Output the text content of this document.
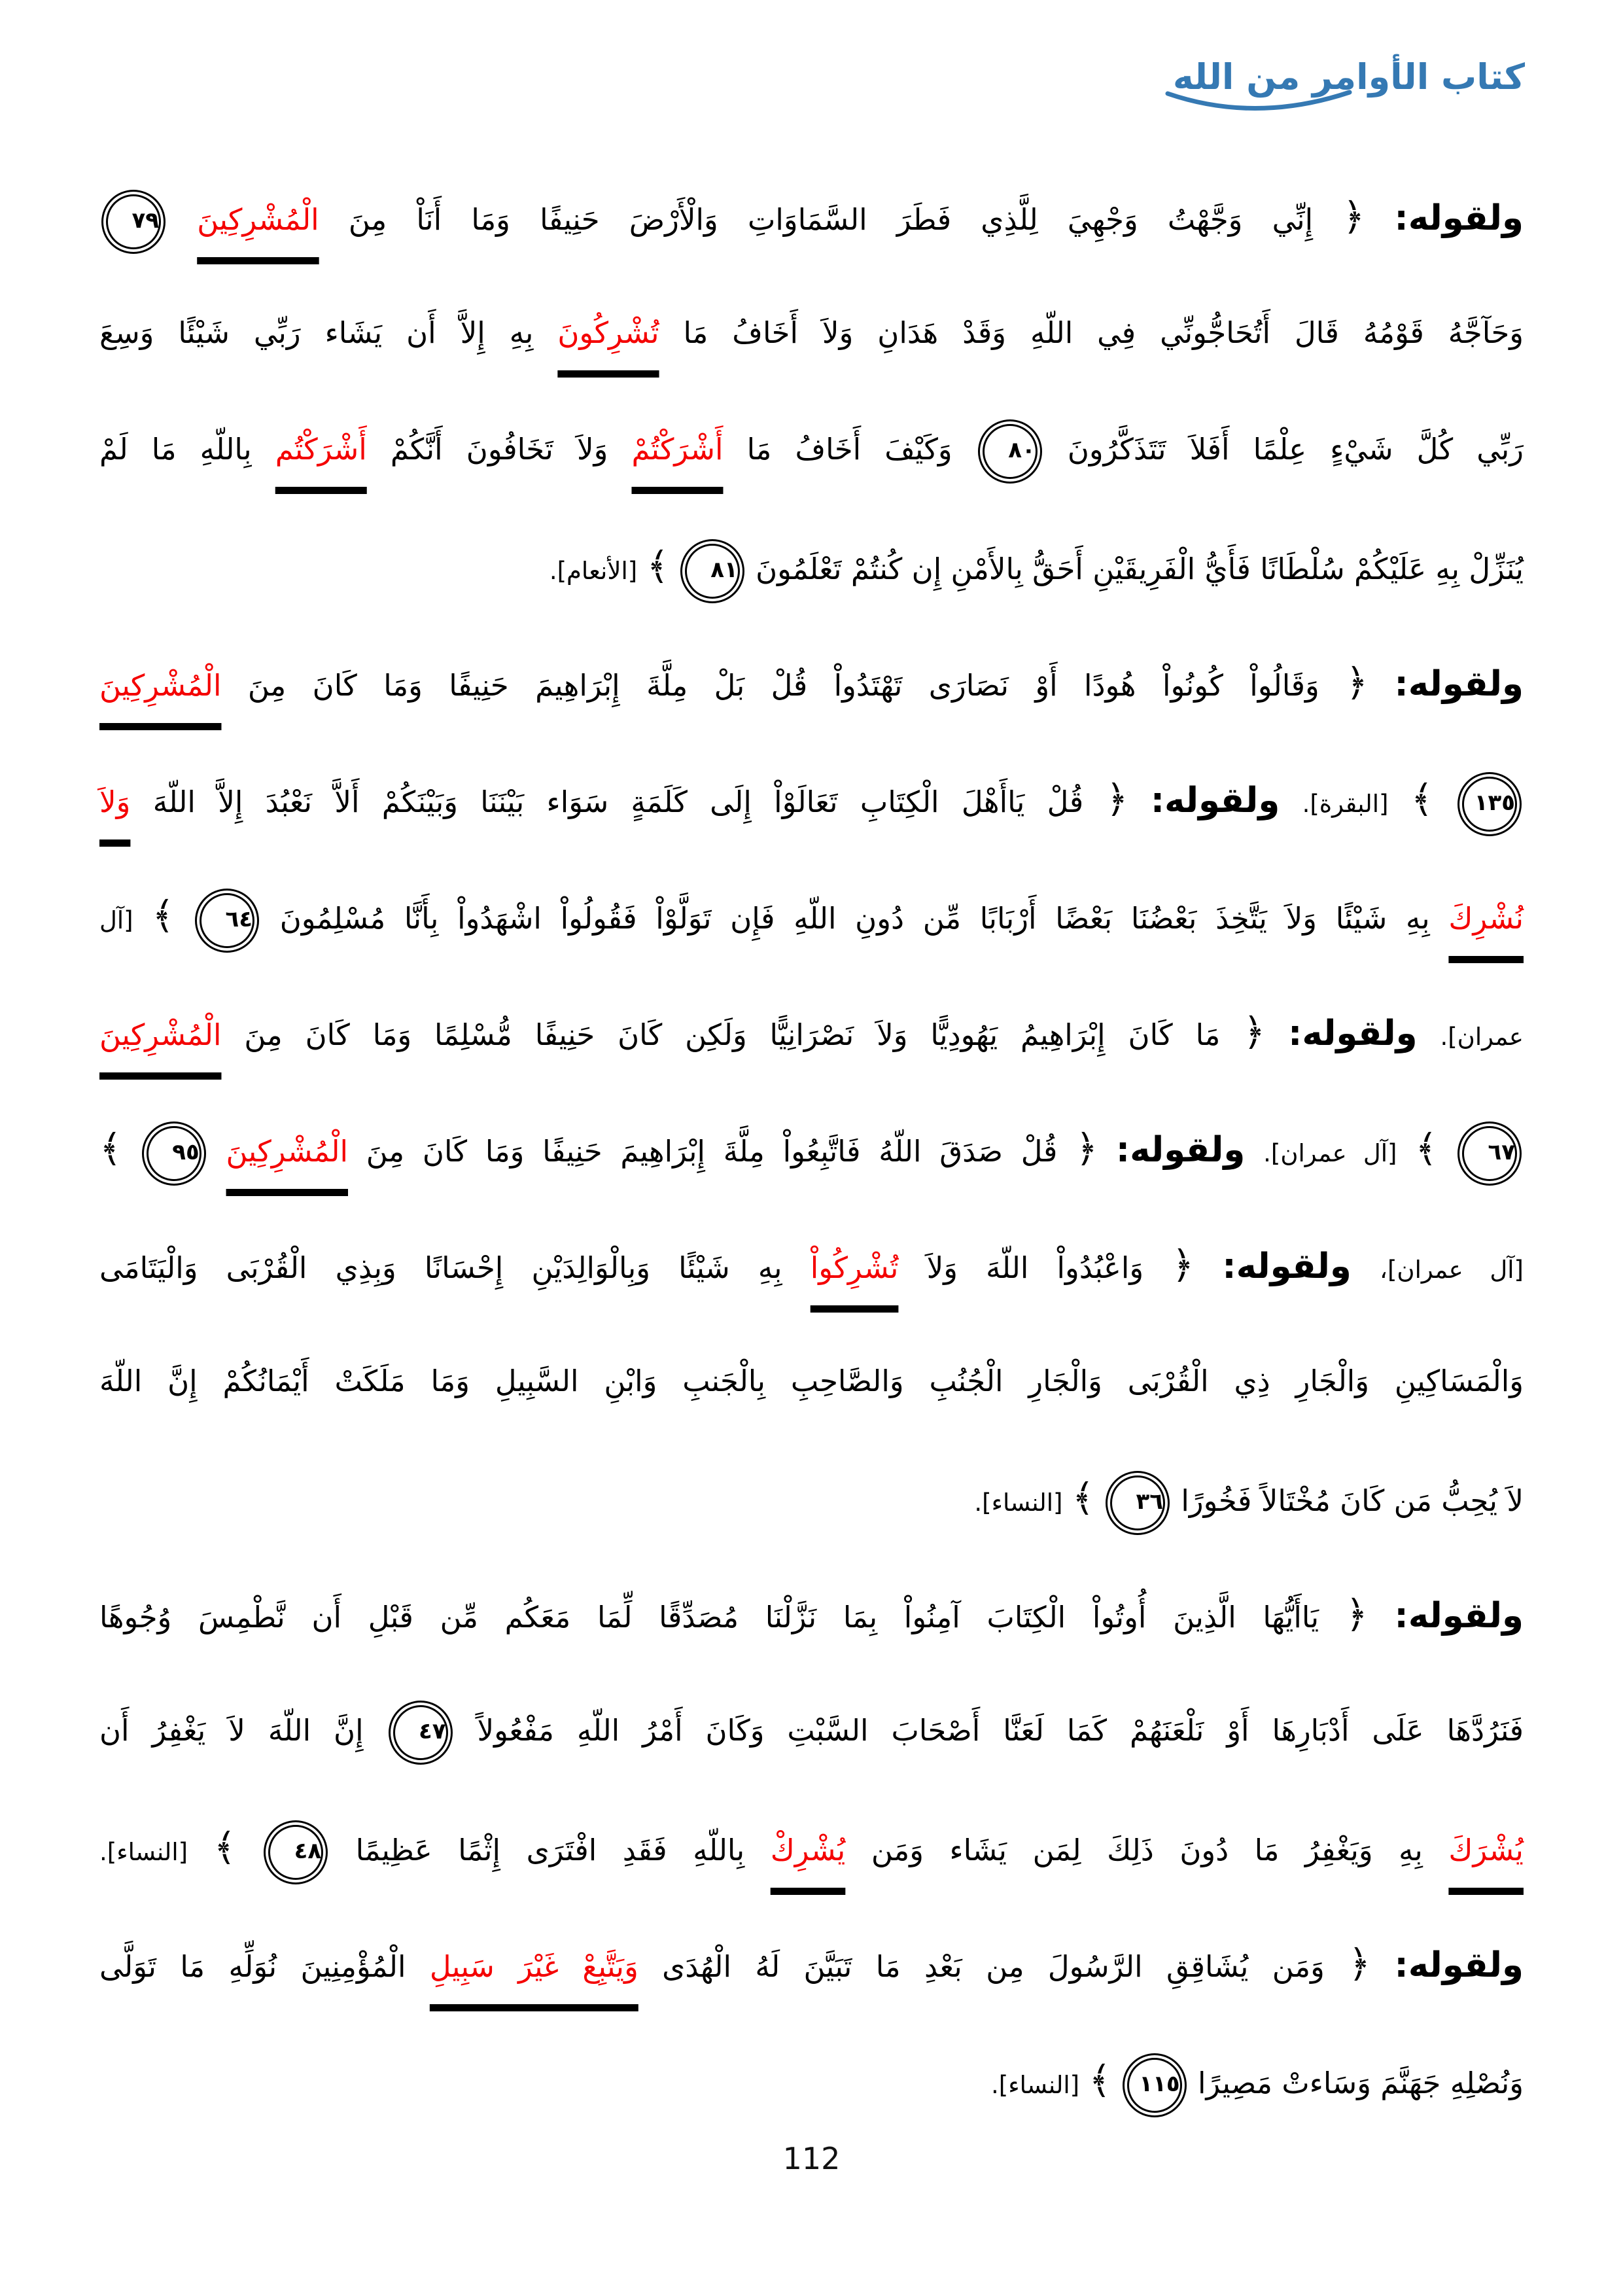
كتاب الأوامر من الله
ولقوله: ﴿ إِنِّي وَجَّهْتُ وَجْهِيَ لِلَّذِي فَطَرَ السَّمَاوَاتِ وَالْأَرْضَ حَنِيفًا وَمَا أَنَاْ مِنَ الْمُشْرِكِينَ ٧٩
وَحَآجَّهُ قَوْمُهُ قَالَ أَتُحَاجُّونِّي فِي اللّهِ وَقَدْ هَدَانِ وَلاَ أَخَافُ مَا تُشْرِكُونَ بِهِ إِلاَّ أَن يَشَاء رَبِّي شَيْئًا وَسِعَ
رَبِّي كُلَّ شَيْءٍ عِلْمًا أَفَلاَ تَتَذَكَّرُونَ ٨٠ وَكَيْفَ أَخَافُ مَا أَشْرَكْتُمْ وَلاَ تَخَافُونَ أَنَّكُمْ أَشْرَكْتُم بِاللّهِ مَا لَمْ
يُنَزِّلْ بِهِ عَلَيْكُمْ سُلْطَانًا فَأَيُّ الْفَرِيقَيْنِ أَحَقُّ بِالأَمْنِ إِن كُنتُمْ تَعْلَمُونَ ٨١ ﴾ [الأنعام].
ولقوله: ﴿ وَقَالُواْ كُونُواْ هُودًا أَوْ نَصَارَى تَهْتَدُواْ قُلْ بَلْ مِلَّةَ إِبْرَاهِيمَ حَنِيفًا وَمَا كَانَ مِنَ الْمُشْرِكِينَ
١٣٥ ﴾ [البقرة]. ولقوله: ﴿ قُلْ يَاأَهْلَ الْكِتَابِ تَعَالَوْاْ إِلَى كَلَمَةٍ سَوَاء بَيْنَنَا وَبَيْنَكُمْ أَلاَّ نَعْبُدَ إِلاَّ اللّهَ وَلاَ
نُشْرِكَ بِهِ شَيْئًا وَلاَ يَتَّخِذَ بَعْضُنَا بَعْضًا أَرْبَابًا مِّن دُونِ اللّهِ فَإِن تَوَلَّوْاْ فَقُولُواْ اشْهَدُواْ بِأَنَّا مُسْلِمُونَ ٦٤ ﴾ [آل
عمران]. ولقوله: ﴿ مَا كَانَ إِبْرَاهِيمُ يَهُودِيًّا وَلاَ نَصْرَانِيًّا وَلَكِن كَانَ حَنِيفًا مُّسْلِمًا وَمَا كَانَ مِنَ الْمُشْرِكِينَ
٦٧ ﴾ [آل عمران]. ولقوله: ﴿ قُلْ صَدَقَ اللّهُ فَاتَّبِعُواْ مِلَّةَ إِبْرَاهِيمَ حَنِيفًا وَمَا كَانَ مِنَ الْمُشْرِكِينَ ٩٥ ﴾
[آل عمران]، ولقوله: ﴿ وَاعْبُدُواْ اللّهَ وَلاَ تُشْرِكُواْ بِهِ شَيْئًا وَبِالْوَالِدَيْنِ إِحْسَانًا وَبِذِي الْقُرْبَى وَالْيَتَامَى
وَالْمَسَاكِينِ وَالْجَارِ ذِي الْقُرْبَى وَالْجَارِ الْجُنُبِ وَالصَّاحِبِ بِالْجَنبِ وَابْنِ السَّبِيلِ وَمَا مَلَكَتْ أَيْمَانُكُمْ إِنَّ اللّهَ
لاَ يُحِبُّ مَن كَانَ مُخْتَالاً فَخُورًا ٣٦ ﴾ [النساء].
ولقوله: ﴿ يَاأَيُّهَا الَّذِينَ أُوتُواْ الْكِتَابَ آمِنُواْ بِمَا نَزَّلْنَا مُصَدِّقًا لِّمَا مَعَكُم مِّن قَبْلِ أَن نَّطْمِسَ وُجُوهًا
فَنَرُدَّهَا عَلَى أَدْبَارِهَا أَوْ نَلْعَنَهُمْ كَمَا لَعَنَّا أَصْحَابَ السَّبْتِ وَكَانَ أَمْرُ اللّهِ مَفْعُولاً ٤٧ إِنَّ اللّهَ لاَ يَغْفِرُ أَن
يُشْرَكَ بِهِ وَيَغْفِرُ مَا دُونَ ذَلِكَ لِمَن يَشَاء وَمَن يُشْرِكْ بِاللّهِ فَقَدِ افْتَرَى إِثْمًا عَظِيمًا ٤٨ ﴾ [النساء].
ولقوله: ﴿ وَمَن يُشَاقِقِ الرَّسُولَ مِن بَعْدِ مَا تَبَيَّنَ لَهُ الْهُدَى وَيَتَّبِعْ غَيْرَ سَبِيلِ الْمُؤْمِنِينَ نُوَلِّهِ مَا تَوَلَّى
وَنُصْلِهِ جَهَنَّمَ وَسَاءتْ مَصِيرًا ١١٥ ﴾ [النساء].
112
